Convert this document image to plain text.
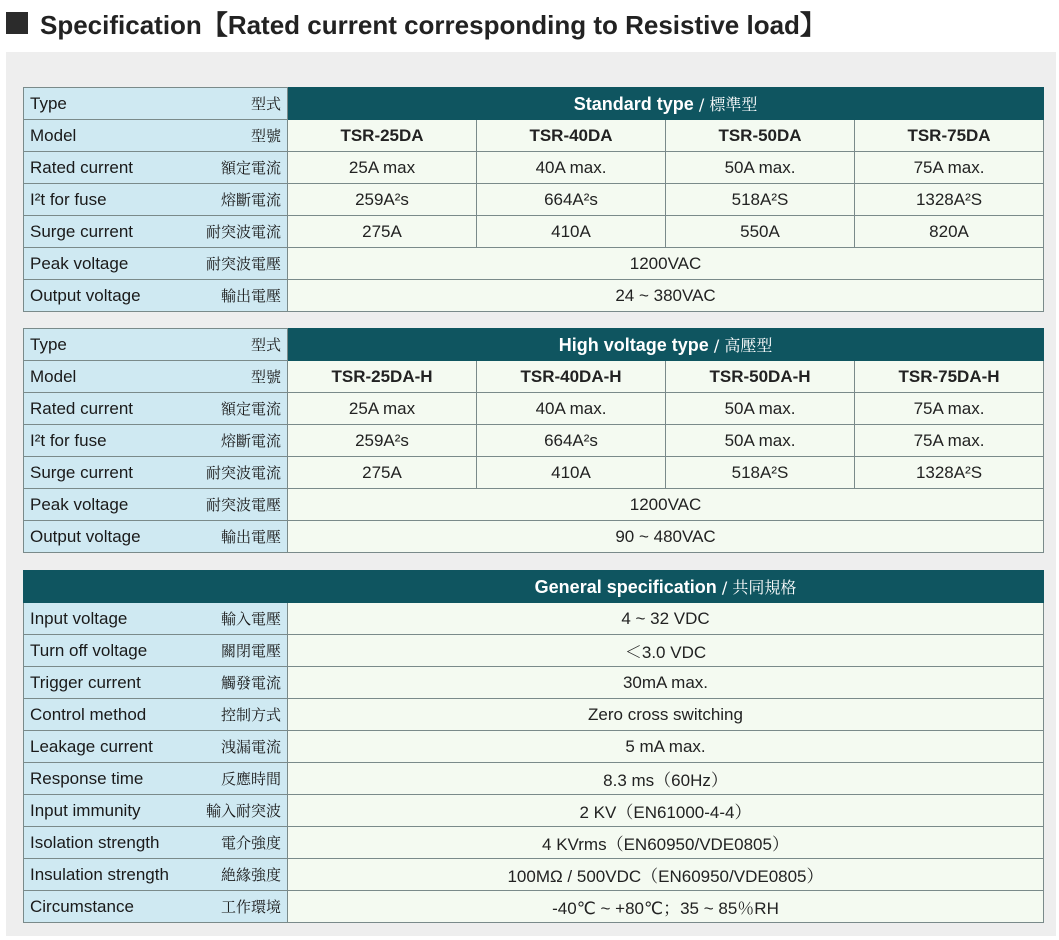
Specification【Rated current corresponding to Resistive load】
Type 型式	Standard type / 標準型			

Model 型號	TSR-25DA	TSR-40DA	TSR-50DA	TSR-75DA

Rated current 額定電流	25A max	40A max.	50A max.	75A max.

I²t for fuse 熔斷電流	259A²s	664A²s	518A²S	1328A²S

Surge current 耐突波電流	275A	410A	550A	820A

Peak voltage 耐突波電壓	1200VAC			

Output voltage 輸出電壓	24 ~ 380VAC			
Type 型式	High voltage type / 高壓型			

Model 型號	TSR-25DA-H	TSR-40DA-H	TSR-50DA-H	TSR-75DA-H

Rated current 額定電流	25A max	40A max.	50A max.	75A max.

I²t for fuse 熔斷電流	259A²s	664A²s	50A max.	75A max.

Surge current 耐突波電流	275A	410A	518A²S	1328A²S

Peak voltage 耐突波電壓	1200VAC			

Output voltage 輸出電壓	90 ~ 480VAC			
	General specification / 共同規格

Input voltage 輸入電壓	4 ~ 32 VDC

Turn off voltage 關閉電壓	＜3.0 VDC

Trigger current 觸發電流	30mA max.

Control method 控制方式	Zero cross switching

Leakage current 洩漏電流	5 mA max.

Response time 反應時間	8.3 ms（60Hz）

Input immunity 輸入耐突波	2 KV（EN61000-4-4）

Isolation strength 電介強度	4 KVrms（EN60950/VDE0805）

Insulation strength 絶緣強度	100MΩ / 500VDC（EN60950/VDE0805）

Circumstance 工作環境	-40℃ ~ +80℃；35 ~ 85％RH
